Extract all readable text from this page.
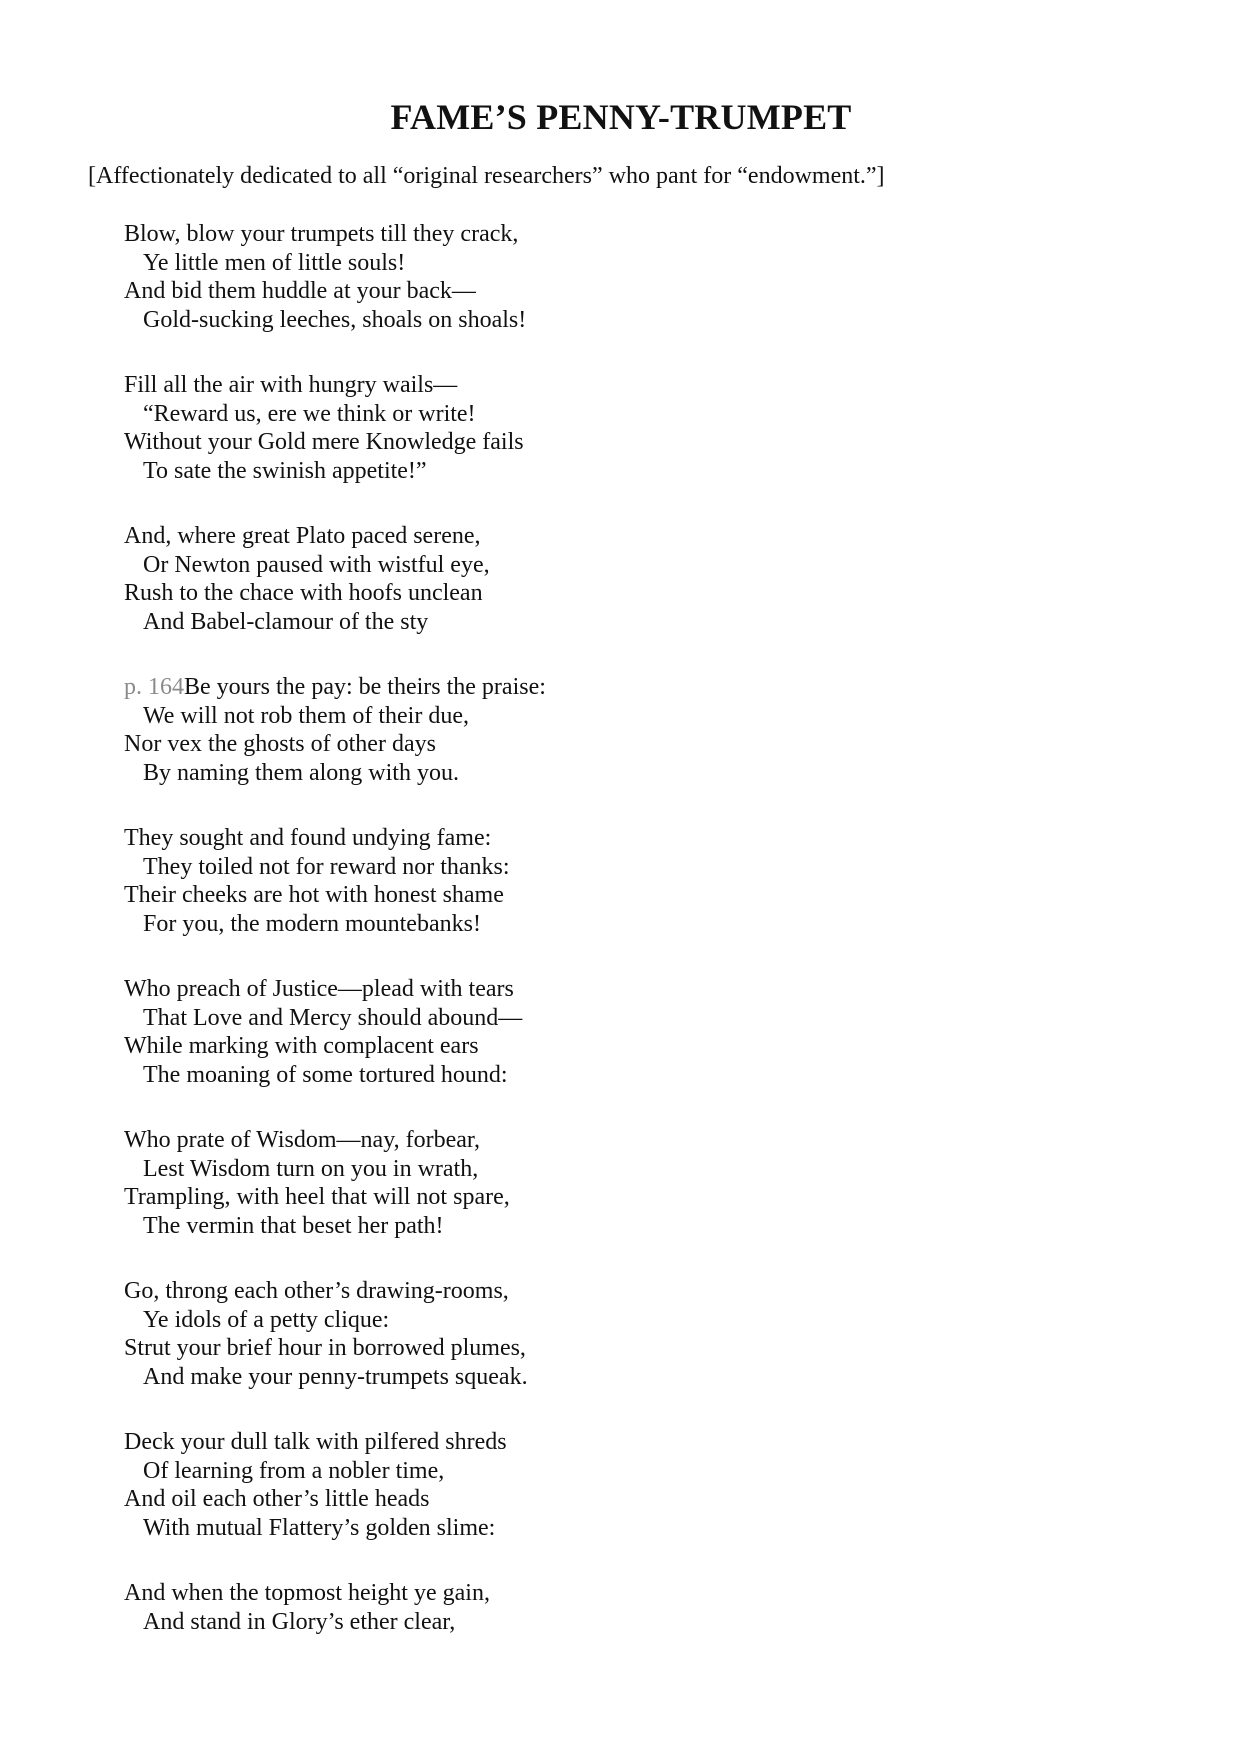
FAME’S PENNY-TRUMPET
[Affectionately dedicated to all “original researchers” who pant for “endowment.”]
Blow, blow your trumpets till they crack,
Ye little men of little souls!
And bid them huddle at your back—
Gold-sucking leeches, shoals on shoals!
Fill all the air with hungry wails—
“Reward us, ere we think or write!
Without your Gold mere Knowledge fails
To sate the swinish appetite!”
And, where great Plato paced serene,
Or Newton paused with wistful eye,
Rush to the chace with hoofs unclean
And Babel-clamour of the sty
p. 164Be yours the pay: be theirs the praise:
We will not rob them of their due,
Nor vex the ghosts of other days
By naming them along with you.
They sought and found undying fame:
They toiled not for reward nor thanks:
Their cheeks are hot with honest shame
For you, the modern mountebanks!
Who preach of Justice—plead with tears
That Love and Mercy should abound—
While marking with complacent ears
The moaning of some tortured hound:
Who prate of Wisdom—nay, forbear,
Lest Wisdom turn on you in wrath,
Trampling, with heel that will not spare,
The vermin that beset her path!
Go, throng each other’s drawing-rooms,
Ye idols of a petty clique:
Strut your brief hour in borrowed plumes,
And make your penny-trumpets squeak.
Deck your dull talk with pilfered shreds
Of learning from a nobler time,
And oil each other’s little heads
With mutual Flattery’s golden slime:
And when the topmost height ye gain,
And stand in Glory’s ether clear,
